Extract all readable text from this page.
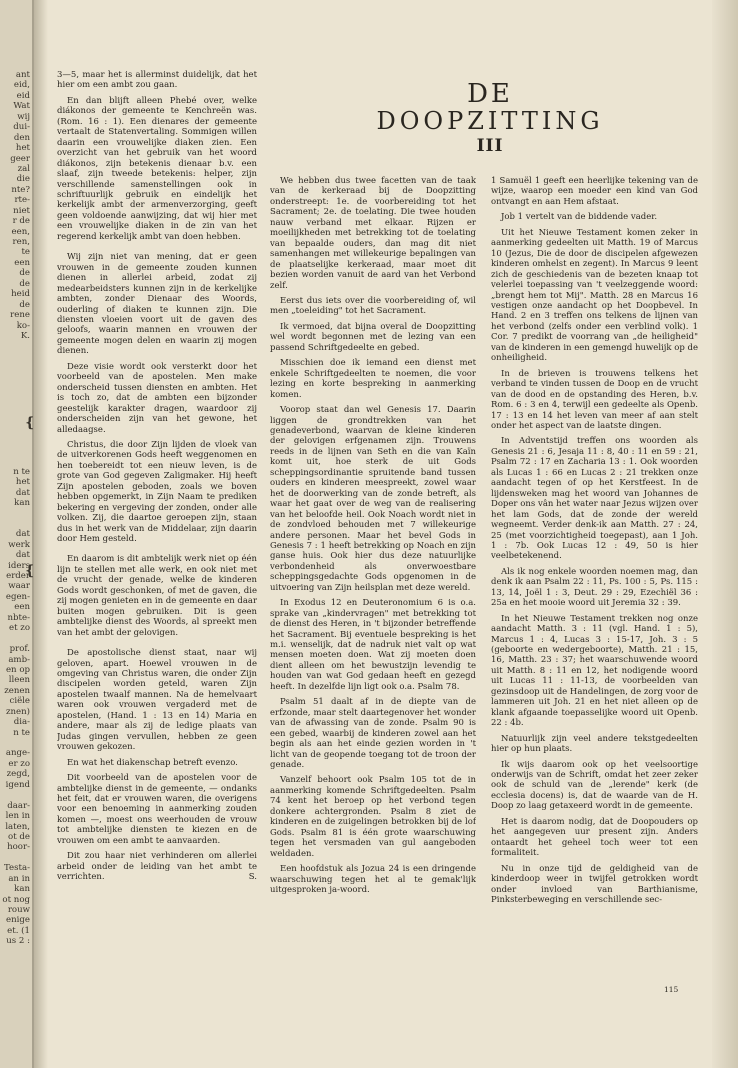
ant
eid,
eid
Wat
wij
dui-
den
het
geer
zal
die
nte?
rte-
niet
r de
een,
ren,
te
een
de
de
heid
de
rene
ko-
K.
n te
het
dat
kan
dat
werk
dat
iders
erder
waar
egen-
een
nbte-
et zo
prof.
amb-
en op
lleen
zenen
ciële
znen)
dia-
n te
ange-
er zo
zegd,
igend
daar-
len in
laten,
ot de
hoor-
Testa-
an in
kan
ot nog
rouw
enige
et. (1
us 2 :
❴
❴

3—5, maar het is allerminst duidelijk, dat het hier om een ambt zou gaan.

En dan blijft alleen Phebé over, welke diákonos der gemeente te Kenchreën was. (Rom. 16 : 1). Een dienares der gemeente vertaalt de Statenvertaling. Sommigen willen daarin een vrouwelijke diaken zien. Een overzicht van het gebruik van het woord diákonos, zijn betekenis dienaar b.v. een slaaf, zijn tweede betekenis: helper, zijn verschillende samenstellingen ook in schriftuurlijk gebruik en eindelijk het kerkelijk ambt der armenverzorging, geeft geen voldoende aanwijzing, dat wij hier met een vrouwelijke diaken in de zin van het regerend kerkelijk ambt van doen hebben.

Wij zijn niet van mening, dat er geen vrouwen in de gemeente zouden kunnen dienen in allerlei arbeid, zodat zij medearbeidsters kunnen zijn in de kerkelijke ambten, zonder Dienaar des Woords, ouderling of diaken te kunnen zijn. Die diensten vloeien voort uit de gaven des geloofs, waarin mannen en vrouwen der gemeente mogen delen en waarin zij mogen dienen.

Deze visie wordt ook versterkt door het voorbeeld van de apostelen. Men make onderscheid tussen diensten en ambten. Het is toch zo, dat de ambten een bijzonder geestelijk karakter dragen, waardoor zij onderscheiden zijn van het gewone, het alledaagse.

Christus, die door Zijn lijden de vloek van de uitverkorenen Gods heeft weggenomen en hen toebereidt tot een nieuw leven, is de grote van God gegeven Zaligmaker. Hij heeft Zijn apostelen geboden, zoals we boven hebben opgemerkt, in Zijn Naam te prediken bekering en vergeving der zonden, onder alle volken. Zij, die daartoe geroepen zijn, staan dus in het werk van de Middelaar, zijn daarin door Hem gesteld.

En daarom is dit ambtelijk werk niet op één lijn te stellen met alle werk, en ook niet met de vrucht der genade, welke de kinderen Gods wordt geschonken, of met de gaven, die zij mogen genieten en in de gemeente en daar buiten mogen gebruiken. Dit is geen ambtelijke dienst des Woords, al spreekt men van het ambt der gelovigen.

De apostolische dienst staat, naar wij geloven, apart. Hoewel vrouwen in de omgeving van Christus waren, die onder Zijn discipelen worden geteld, waren Zijn apostelen twaalf mannen. Na de hemelvaart waren ook vrouwen vergaderd met de apostelen, (Hand. 1 : 13 en 14) Maria en andere, maar als zij de ledige plaats van Judas gingen vervullen, hebben ze geen vrouwen gekozen.

En wat het diakenschap betreft evenzo.

Dit voorbeeld van de apostelen voor de ambtelijke dienst in de gemeente, — ondanks het feit, dat er vrouwen waren, die overigens voor een benoeming in aanmerking zouden komen —, moest ons weerhouden de vrouw tot ambtelijke diensten te kiezen en de vrouwen om een ambt te aanvaarden.

Dit zou haar niet verhinderen om allerlei arbeid onder de leiding van het ambt te verrichten.	S.

DE
DOOPZITTING
III

We hebben dus twee facetten van de taak van de kerkeraad bij de Doopzitting onderstreept: 1e. de voorbereiding tot het Sacrament; 2e. de toelating. Die twee houden nauw verband met elkaar. Rijzen er moeilijkheden met betrekking tot de toelating van bepaalde ouders, dan mag dit niet samenhangen met willekeurige bepalingen van de plaatselijke kerkeraad, maar moet dit bezien worden vanuit de aard van het Verbond zelf.

Eerst dus iets over die voorbereiding of, wil men „toeleiding" tot het Sacrament.

Ik vermoed, dat bijna overal de Doopzitting wel wordt begonnen met de lezing van een passend Schriftgedeelte en gebed.

Misschien doe ik iemand een dienst met enkele Schriftgedeelten te noemen, die voor lezing en korte bespreking in aanmerking komen.

Voorop staat dan wel Genesis 17. Daarin liggen de grondtrekken van het genadeverbond, waarvan de kleine kinderen der gelovigen erfgenamen zijn. Trouwens reeds in de lijnen van Seth en die van Kaïn komt uit, hoe sterk de uit Gods scheppingsordinantie spruitende band tussen ouders en kinderen meespreekt, zowel waar het de doorwerking van de zonde betreft, als waar het gaat over de weg van de realisering van het beloofde heil. Ook Noach wordt niet in de zondvloed behouden met 7 willekeurige andere personen. Maar het bevel Gods in Genesis 7 : 1 heeft betrekking op Noach en zijn ganse huis. Ook hier dus deze natuurlijke verbondenheid als onverwoestbare scheppingsgedachte Gods opgenomen in de uitvoering van Zijn heilsplan met deze wereld.

In Exodus 12 en Deuteronomium 6 is o.a. sprake van „kindervragen" met betrekking tot de dienst des Heren, in 't bijzonder betreffende het Sacrament. Bij eventuele bespreking is het m.i. wenselijk, dat de nadruk niet valt op wat mensen moeten doen. Wat zij moeten doen dient alleen om het bewustzijn levendig te houden van wat God gedaan heeft en gezegd heeft. In dezelfde lijn ligt ook o.a. Psalm 78.

Psalm 51 daalt af in de diepte van de erfzonde, maar stelt daartegenover het wonder van de afwassing van de zonde. Psalm 90 is een gebed, waarbij de kinderen zowel aan het begin als aan het einde gezien worden in 't licht van de geopende toegang tot de troon der genade.

Vanzelf behoort ook Psalm 105 tot de in aanmerking komende Schriftgedeelten. Psalm 74 kent het beroep op het verbond tegen donkere achtergronden. Psalm 8 ziet de kinderen en de zuigelingen betrokken bij de lof Gods. Psalm 81 is één grote waarschuwing tegen het versmaden van gul aangeboden weldaden.

Een hoofdstuk als Jozua 24 is een dringende waarschuwing tegen het al te gemak'lijk uitgesproken ja-woord.

1 Samuël 1 geeft een heerlijke tekening van de wijze, waarop een moeder een kind van God ontvangt en aan Hem afstaat.

Job 1 vertelt van de biddende vader.

Uit het Nieuwe Testament komen zeker in aanmerking gedeelten uit Matth. 19 of Marcus 10 (Jezus, Die de door de discipelen afgewezen kinderen omhelst en zegent). In Marcus 9 leent zich de geschiedenis van de bezeten knaap tot velerlei toepassing van 't veelzeggende woord: „brengt hem tot Mij". Matth. 28 en Marcus 16 vestigen onze aandacht op het Doopbevel. In Hand. 2 en 3 treffen ons telkens de lijnen van het verbond (zelfs onder een verblind volk). 1 Cor. 7 predikt de voorrang van „de heiligheid" van de kinderen in een gemengd huwelijk op de onheiligheid.

In de brieven is trouwens telkens het verband te vinden tussen de Doop en de vrucht van de dood en de opstanding des Heren, b.v. Rom. 6 : 3 en 4, terwijl een gedeelte als Openb. 17 : 13 en 14 het leven van meer af aan stelt onder het aspect van de laatste dingen.

In Adventstijd treffen ons woorden als Genesis 21 : 6, Jesaja 11 : 8, 40 : 11 en 59 : 21, Psalm 72 : 17 en Zacharia 13 : 1. Ook woorden als Lucas 1 : 66 en Lucas 2 : 21 trekken onze aandacht tegen of op het Kerstfeest. In de lijdensweken mag het woord van Johannes de Doper ons vân het water naar Jezus wijzen over het lam Gods, dat de zonde der wereld wegneemt. Verder denk-ik aan Matth. 27 : 24, 25 (met voorzichtigheid toegepast), aan 1 Joh. 1 : 7b. Ook Lucas 12 : 49, 50 is hier veelbetekenend.

Als ik nog enkele woorden noemen mag, dan denk ik aan Psalm 22 : 11, Ps. 100 : 5, Ps. 115 : 13, 14, Joël 1 : 3, Deut. 29 : 29, Ezechiël 36 : 25a en het mooie woord uit Jeremia 32 : 39.

In het Nieuwe Testament trekken nog onze aandacht Matth. 3 : 11 (vgl. Hand. 1 : 5), Marcus 1 : 4, Lucas 3 : 15-17, Joh. 3 : 5 (geboorte en wedergeboorte), Matth. 21 : 15, 16, Matth. 23 : 37; het waarschuwende woord uit Matth. 8 : 11 en 12, het nodigende woord uit Lucas 11 : 11-13, de voorbeelden van gezinsdoop uit de Handelingen, de zorg voor de lammeren uit Joh. 21 en het niet alleen op de klank afgaande toepasselijke woord uit Openb. 22 : 4b.

Natuurlijk zijn veel andere tekstgedeelten hier op hun plaats.

Ik wijs daarom ook op het veelsoortige onderwijs van de Schrift, omdat het zeer zeker ook de schuld van de „lerende" kerk (de ecclesia docens) is, dat de waarde van de H. Doop zo laag getaxeerd wordt in de gemeente.

Het is daarom nodig, dat de Doopouders op het aangegeven uur present zijn. Anders ontaardt het geheel toch weer tot een formaliteit.

Nu in onze tijd de geldigheid van de kinderdoop weer in twijfel getrokken wordt onder invloed van Barthianisme, Pinksterbeweging en verschillende sec-

115
